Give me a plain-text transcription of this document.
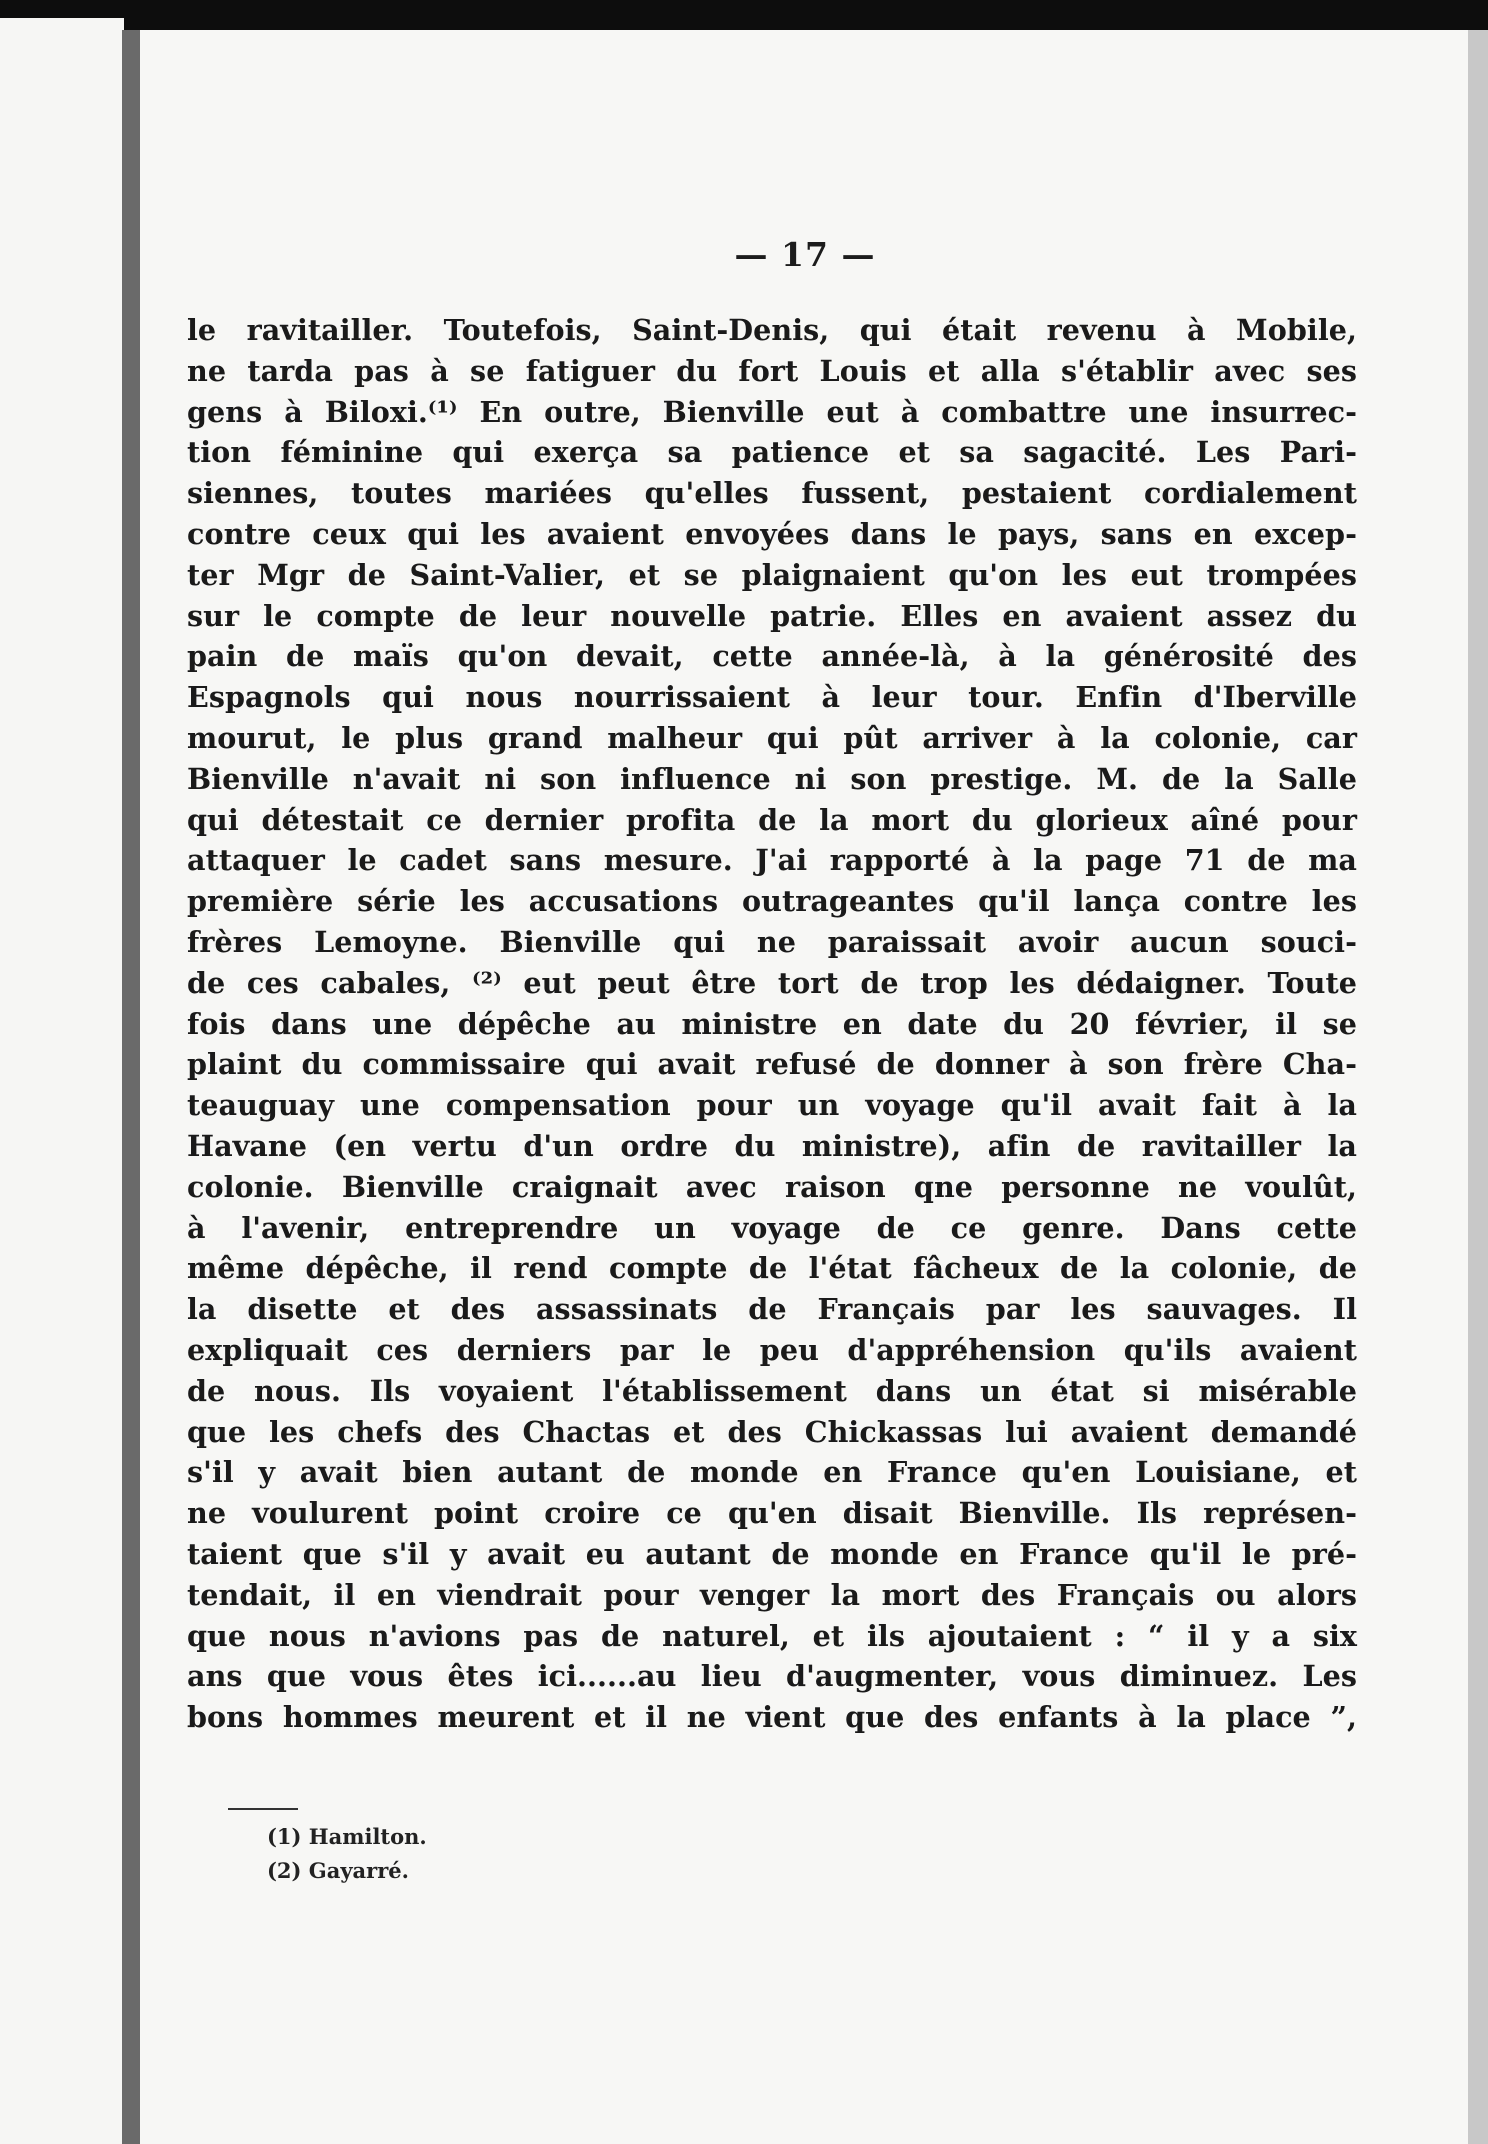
— 17 —
le ravitailler. Toutefois, Saint-Denis, qui était revenu à Mobile,
ne tarda pas à se fatiguer du fort Louis et alla s'établir avec ses
gens à Biloxi.⁽¹⁾ En outre, Bienville eut à combattre une insurrec-
tion féminine qui exerça sa patience et sa sagacité. Les Pari-
siennes, toutes mariées qu'elles fussent, pestaient cordialement
contre ceux qui les avaient envoyées dans le pays, sans en excep-
ter Mgr de Saint-Valier, et se plaignaient qu'on les eut trompées
sur le compte de leur nouvelle patrie. Elles en avaient assez du
pain de maïs qu'on devait, cette année-là, à la générosité des
Espagnols qui nous nourrissaient à leur tour. Enfin d'Iberville
mourut, le plus grand malheur qui pût arriver à la colonie, car
Bienville n'avait ni son influence ni son prestige. M. de la Salle
qui détestait ce dernier profita de la mort du glorieux aîné pour
attaquer le cadet sans mesure. J'ai rapporté à la page 71 de ma
première série les accusations outrageantes qu'il lança contre les
frères Lemoyne. Bienville qui ne paraissait avoir aucun souci-
de ces cabales, ⁽²⁾ eut peut être tort de trop les dédaigner. Toute
fois dans une dépêche au ministre en date du 20 février, il se
plaint du commissaire qui avait refusé de donner à son frère Cha-
teauguay une compensation pour un voyage qu'il avait fait à la
Havane (en vertu d'un ordre du ministre), afin de ravitailler la
colonie. Bienville craignait avec raison qne personne ne voulût,
à l'avenir, entreprendre un voyage de ce genre. Dans cette
même dépêche, il rend compte de l'état fâcheux de la colonie, de
la disette et des assassinats de Français par les sauvages. Il
expliquait ces derniers par le peu d'appréhension qu'ils avaient
de nous. Ils voyaient l'établissement dans un état si misérable
que les chefs des Chactas et des Chickassas lui avaient demandé
s'il y avait bien autant de monde en France qu'en Louisiane, et
ne voulurent point croire ce qu'en disait Bienville. Ils représen-
taient que s'il y avait eu autant de monde en France qu'il le pré-
tendait, il en viendrait pour venger la mort des Français ou alors
que nous n'avions pas de naturel, et ils ajoutaient : “ il y a six
ans que vous êtes ici......au lieu d'augmenter, vous diminuez. Les
bons hommes meurent et il ne vient que des enfants à la place ”,
(1) Hamilton.
(2) Gayarré.
